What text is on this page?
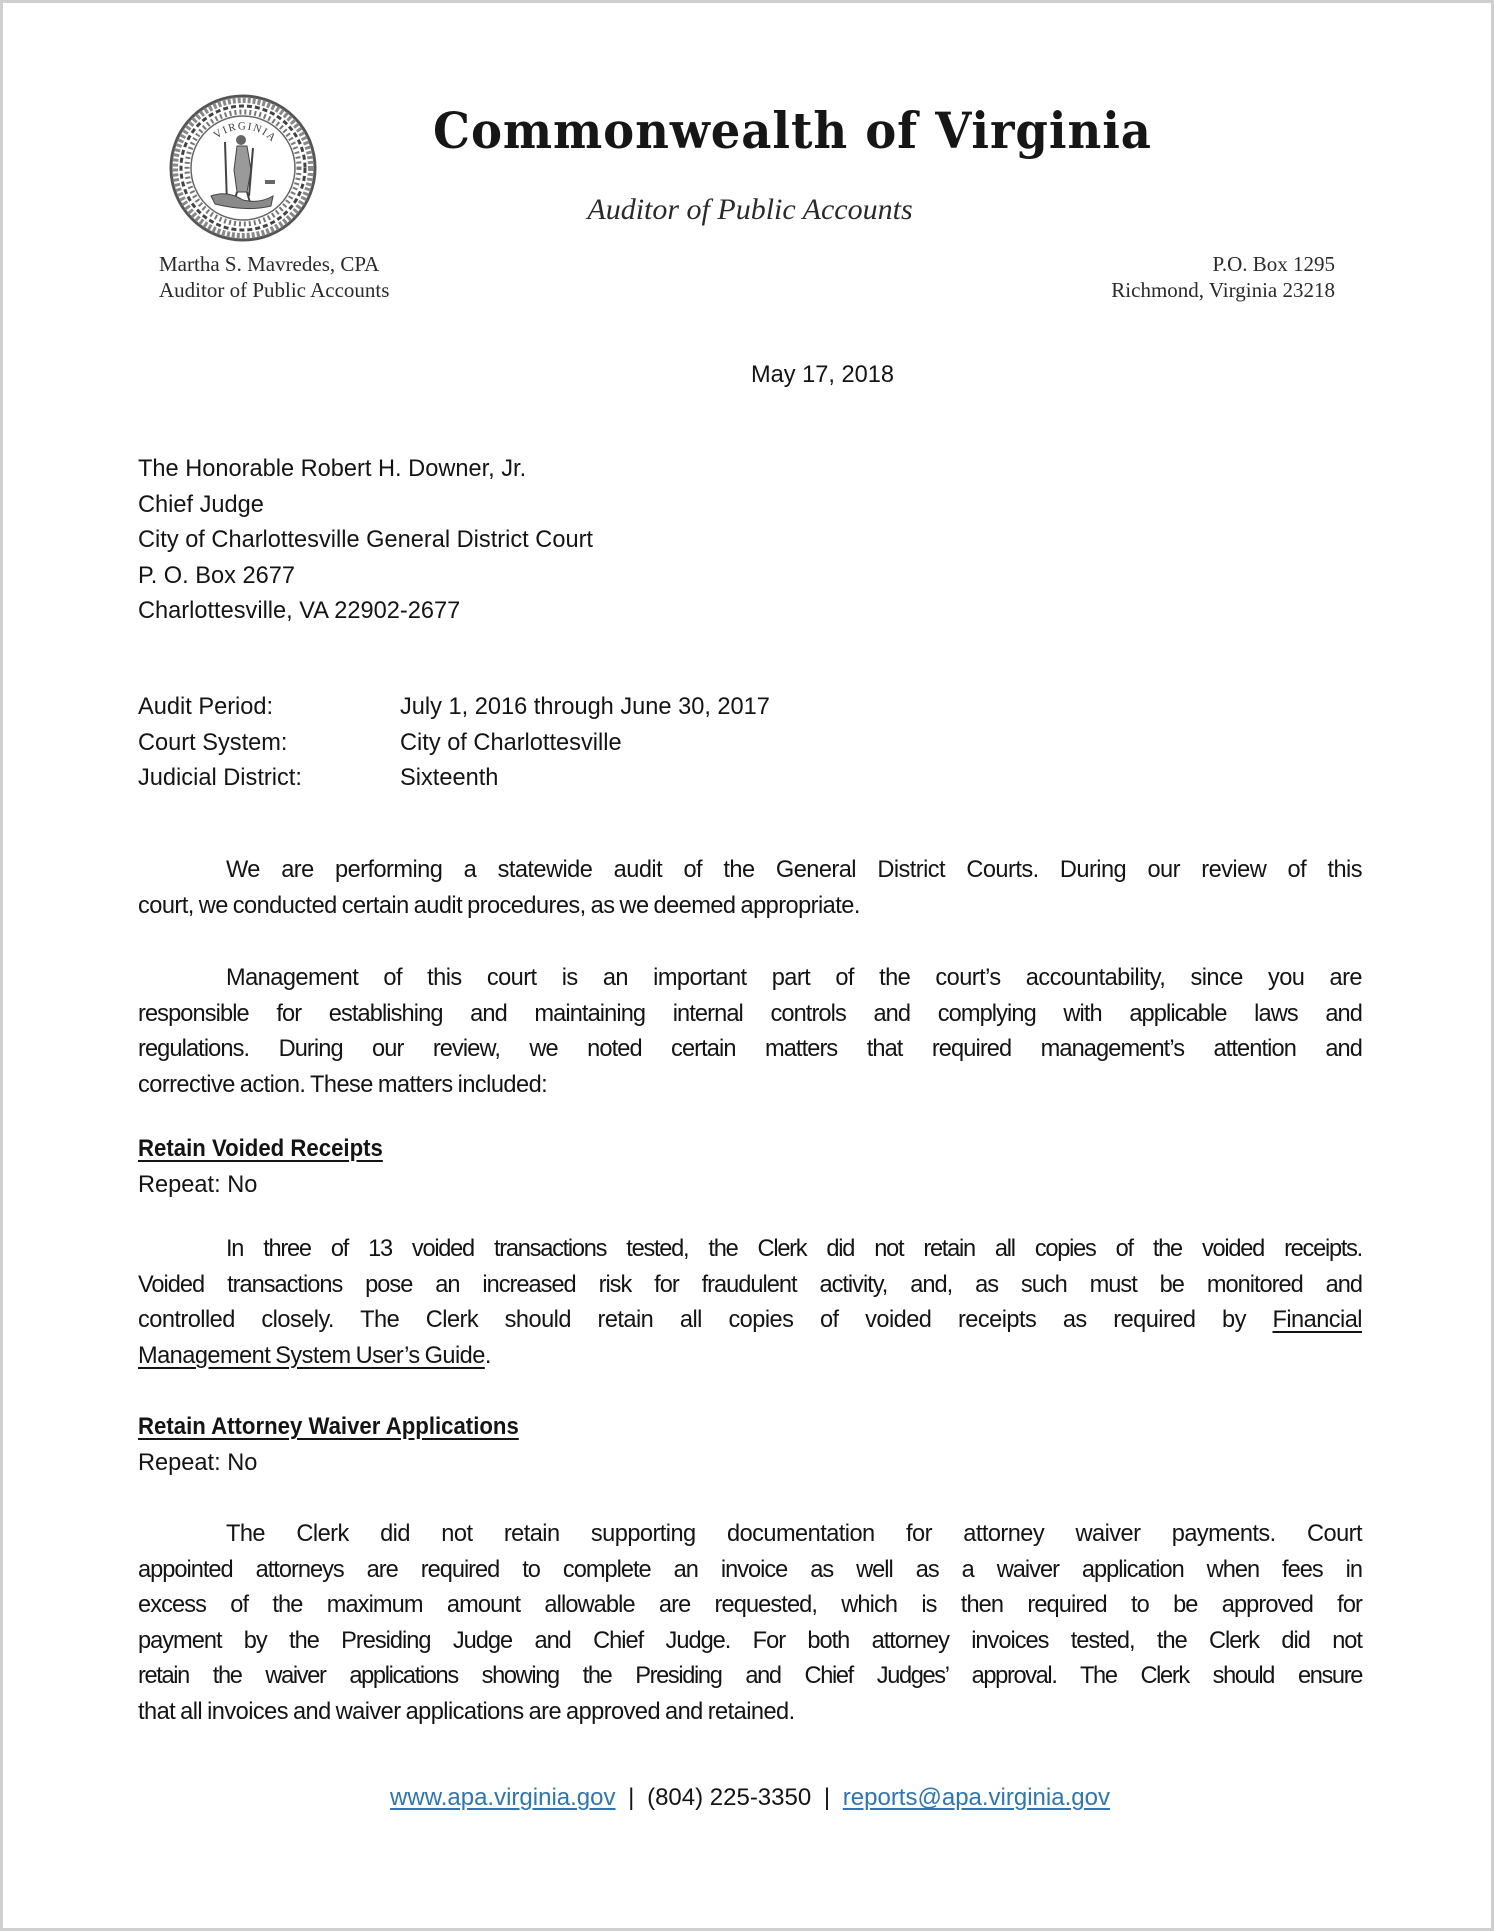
VIRGINIA	Commonwealth of Virginia
Auditor of Public Accounts
Martha S. Mavredes, CPA
Auditor of Public Accounts
P.O. Box 1295
Richmond, Virginia 23218
May 17, 2018
The Honorable Robert H. Downer, Jr.
Chief Judge
City of Charlottesville General District Court
P. O. Box 2677
Charlottesville, VA 22902-2677
Audit Period:	July 1, 2016 through June 30, 2017
Court System:	City of Charlottesville
Judicial District:	Sixteenth
We are performing a statewide audit of the General District Courts. During our review of this
court, we conducted certain audit procedures, as we deemed appropriate.
Management of this court is an important part of the court’s accountability, since you are
responsible for establishing and maintaining internal controls and complying with applicable laws and
regulations. During our review, we noted certain matters that required management’s attention and
corrective action. These matters included:
Retain Voided Receipts
Repeat: No
In three of 13 voided transactions tested, the Clerk did not retain all copies of the voided receipts.
Voided transactions pose an increased risk for fraudulent activity, and, as such must be monitored and
controlled closely. The Clerk should retain all copies of voided receipts as required by Financial
Management System User’s Guide.
Retain Attorney Waiver Applications
Repeat: No
The Clerk did not retain supporting documentation for attorney waiver payments. Court
appointed attorneys are required to complete an invoice as well as a waiver application when fees in
excess of the maximum amount allowable are requested, which is then required to be approved for
payment by the Presiding Judge and Chief Judge. For both attorney invoices tested, the Clerk did not
retain the waiver applications showing the Presiding and Chief Judges’ approval. The Clerk should ensure
that all invoices and waiver applications are approved and retained.
www.apa.virginia.gov | (804) 225-3350 | reports@apa.virginia.gov
